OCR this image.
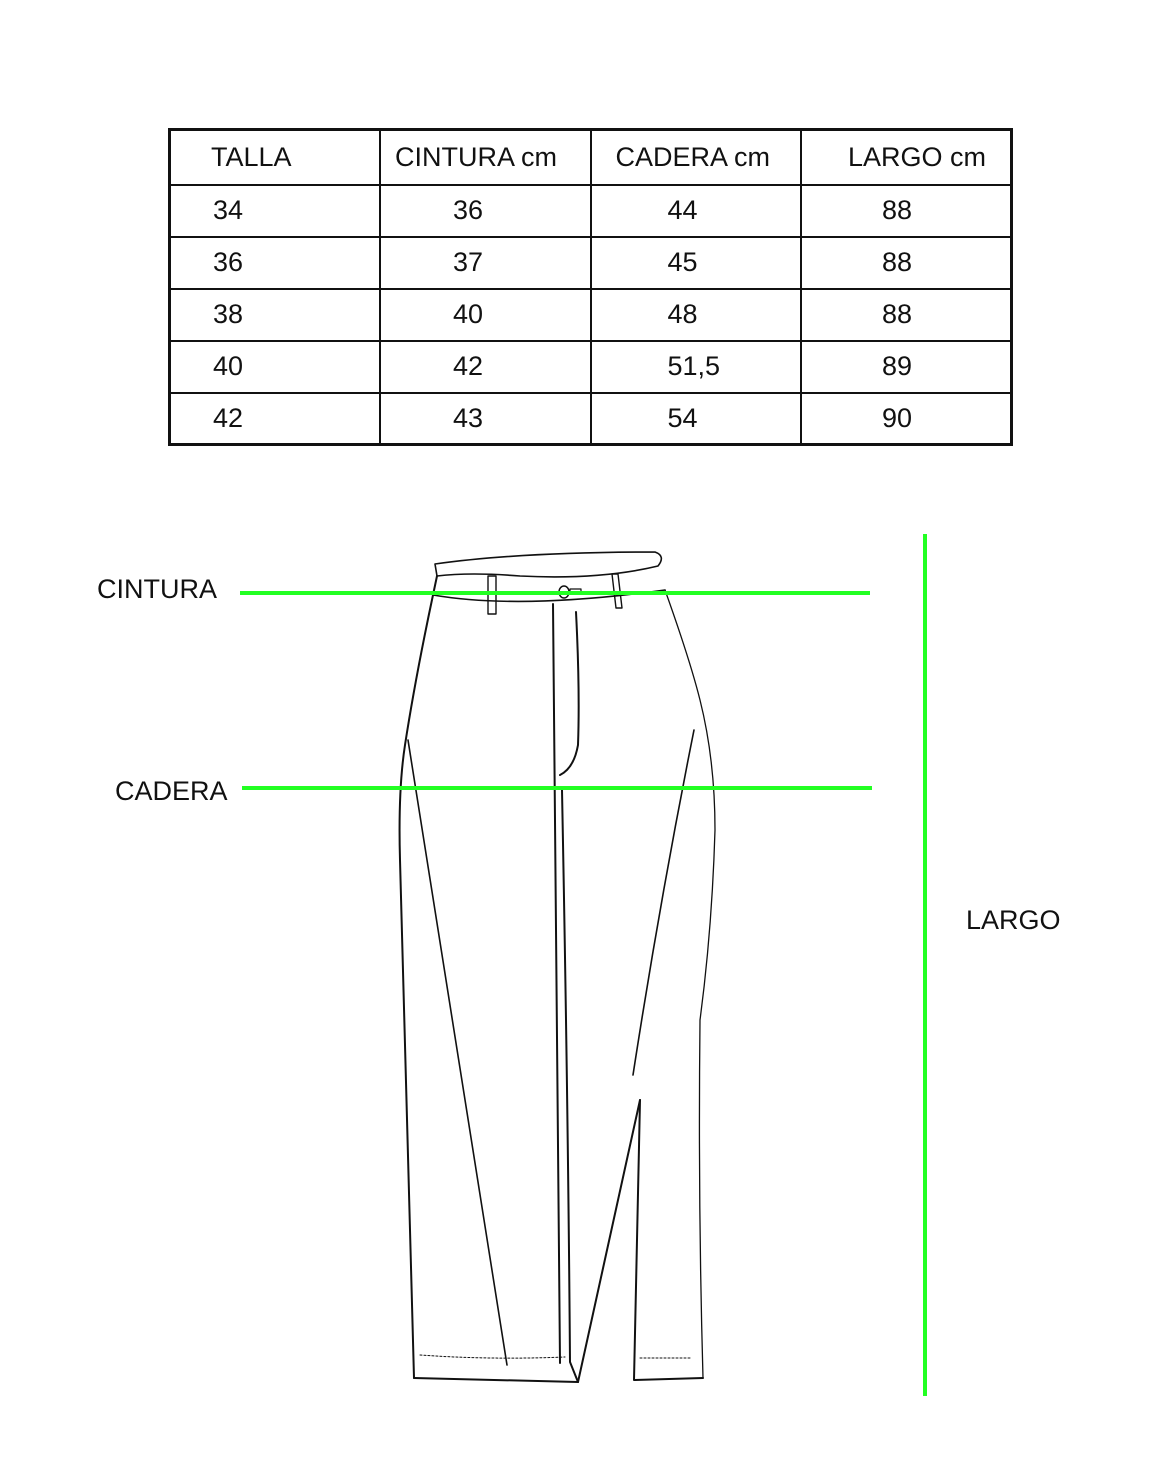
TALLA	CINTURA cm	CADERA cm	LARGO cm
34	36	44	88
36	37	45	88
38	40	48	88
40	42	51,5	89
42	43	54	90
CINTURA
CADERA
LARGO
